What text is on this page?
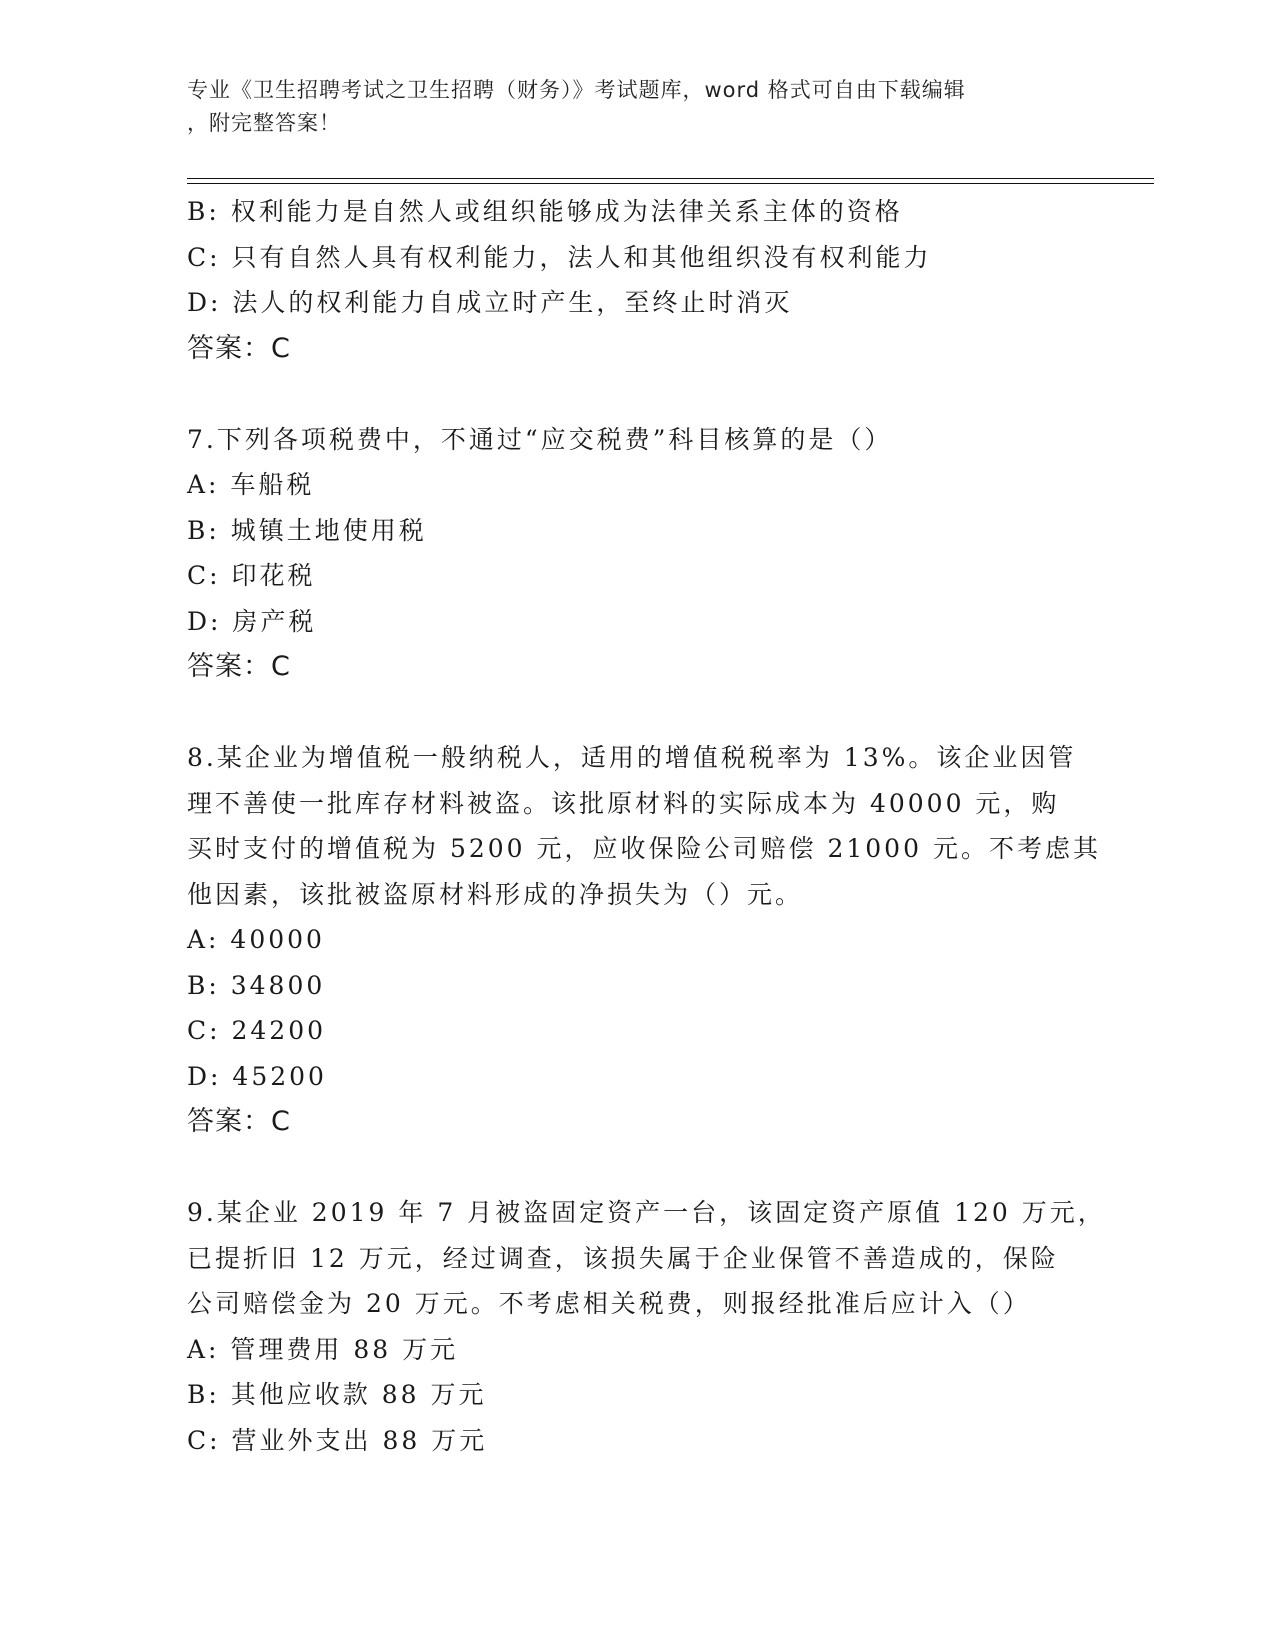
专业《卫生招聘考试之卫生招聘（财务）》考试题库，word 格式可自由下载编辑
，附完整答案！
B: 权利能力是自然人或组织能够成为法律关系主体的资格
C: 只有自然人具有权利能力，法人和其他组织没有权利能力
D: 法人的权利能力自成立时产生，至终止时消灭
答案：C
7.下列各项税费中，不通过“应交税费”科目核算的是（）
A: 车船税
B: 城镇土地使用税
C: 印花税
D: 房产税
答案：C
8.某企业为增值税一般纳税人，适用的增值税税率为 13%。该企业因管
理不善使一批库存材料被盗。该批原材料的实际成本为 40000 元，购
买时支付的增值税为 5200 元，应收保险公司赔偿 21000 元。不考虑其
他因素，该批被盗原材料形成的净损失为（）元。
A: 40000
B: 34800
C: 24200
D: 45200
答案：C
9.某企业 2019 年 7 月被盗固定资产一台，该固定资产原值 120 万元，
已提折旧 12 万元，经过调查，该损失属于企业保管不善造成的，保险
公司赔偿金为 20 万元。不考虑相关税费，则报经批准后应计入（）
A: 管理费用 88 万元
B: 其他应收款 88 万元
C: 营业外支出 88 万元
